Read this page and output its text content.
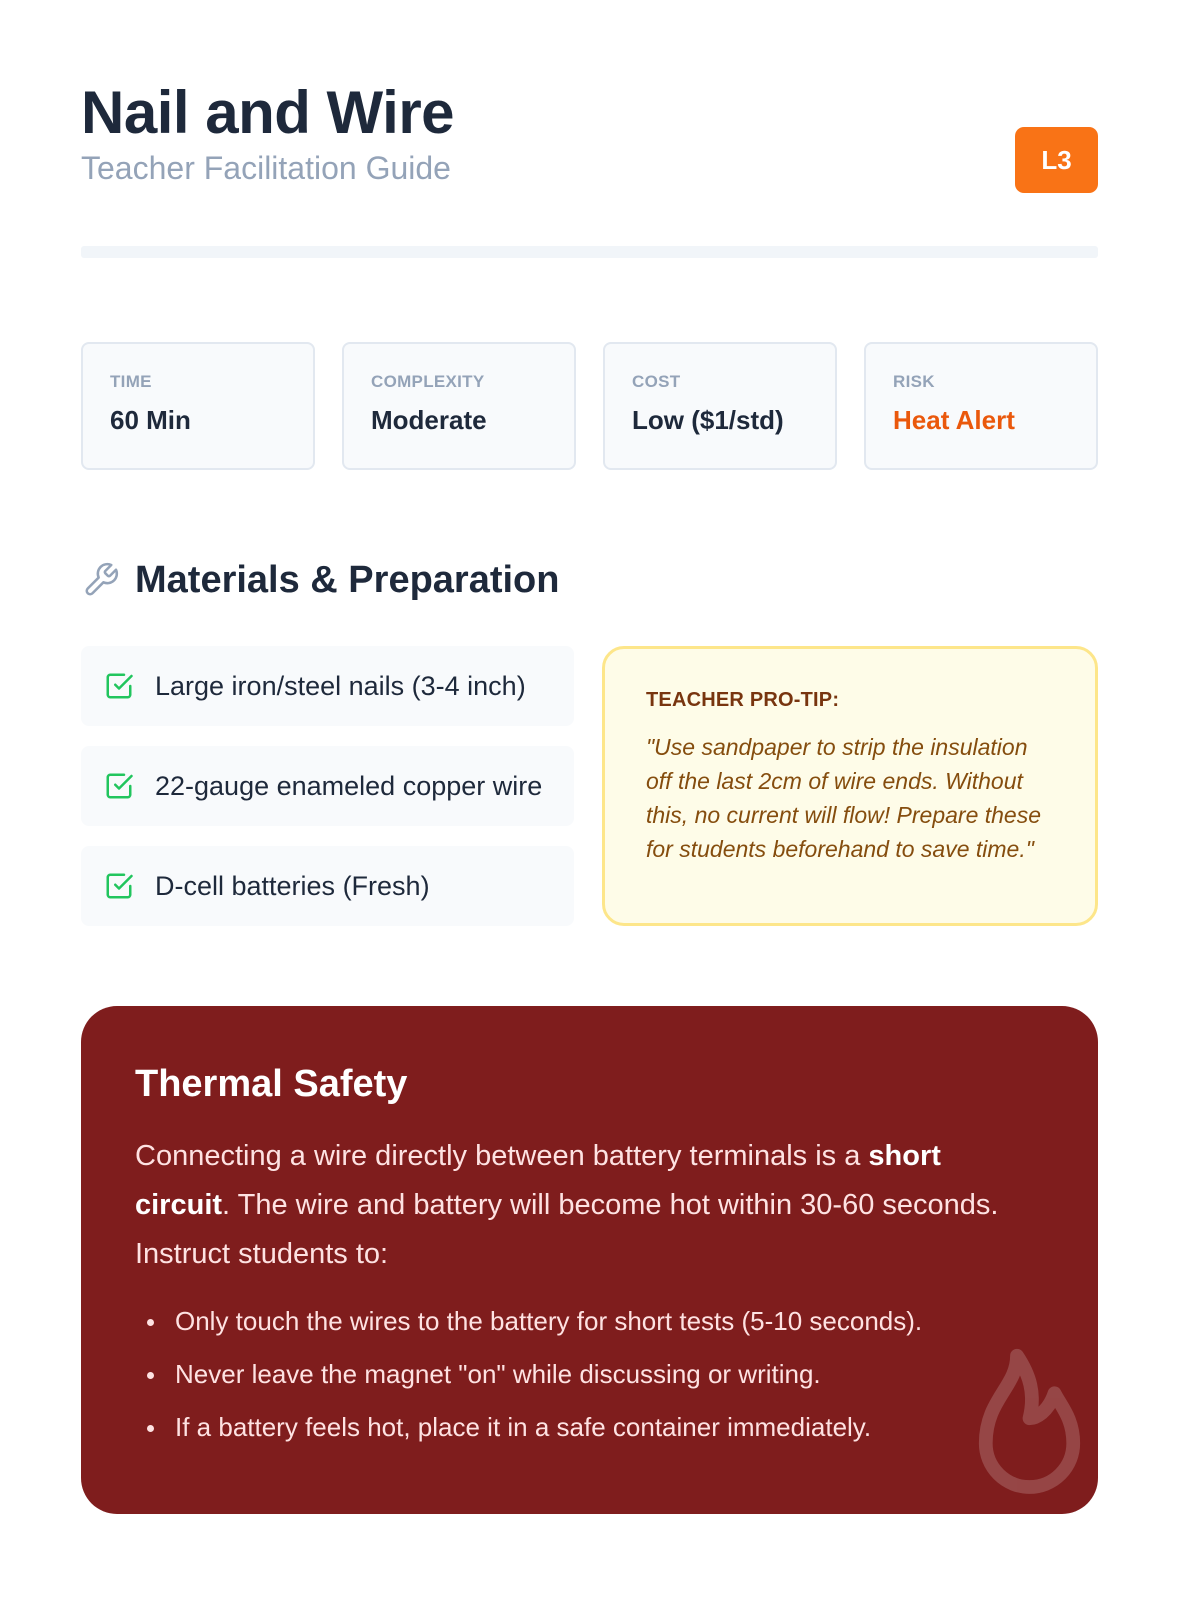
Nail and Wire
Teacher Facilitation Guide	L3
TIME
60 Min
COMPLEXITY
Moderate
COST
Low ($1/std)
RISK
Heat Alert
Materials & Preparation
Large iron/steel nails (3-4 inch)
22-gauge enameled copper wire
D-cell batteries (Fresh)
TEACHER PRO-TIP:
"Use sandpaper to strip the insulation off the last 2cm of wire ends. Without this, no current will flow! Prepare these for students beforehand to save time."
Thermal Safety

Connecting a wire directly between battery terminals is a short circuit. The wire and battery will become hot within 30-60 seconds. Instruct students to:

Only touch the wires to the battery for short tests (5-10 seconds).
Never leave the magnet "on" while discussing or writing.
If a battery feels hot, place it in a safe container immediately.
